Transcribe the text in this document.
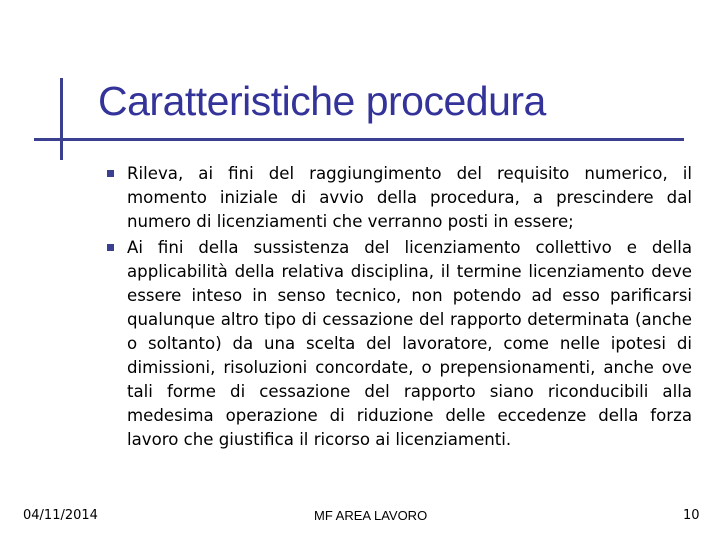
Caratteristiche procedura
Rileva, ai fini del raggiungimento del requisito numerico, il momento iniziale di avvio della procedura, a prescindere dal numero di licenziamenti che verranno posti in essere;
Ai fini della sussistenza del licenziamento collettivo e della applicabilità della relativa disciplina, il termine licenziamento deve essere inteso in senso tecnico, non potendo ad esso parificarsi qualunque altro tipo di cessazione del rapporto determinata (anche o soltanto) da una scelta del lavoratore, come nelle ipotesi di dimissioni, risoluzioni concordate, o prepensionamenti, anche ove tali forme di cessazione del rapporto siano riconducibili alla medesima operazione di riduzione delle eccedenze della forza lavoro che giustifica il ricorso ai licenziamenti.
04/11/2014	MF AREA LAVORO	10
